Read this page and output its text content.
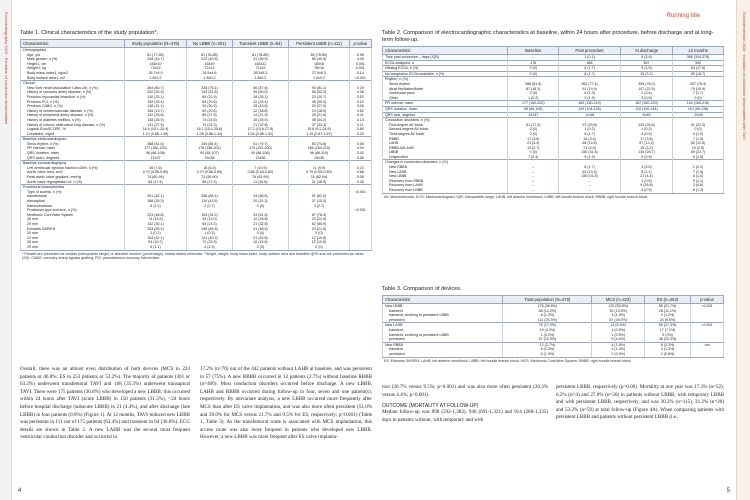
Echocardiography 2019 · Evolution of conduction abnormalities Table 1. Clinical characteristics of the study population*.
Characteristic	Study population (N=476)	No LBBB (n=301)	Transient LBBB (n=84)	Persistent LBBB (n=111)	p-value
Demographics					
Age, yrs	81 (77-85)	81 (76-85)	81 (78-85)	80 (78-85)	0.98
Male gender, n (%)	208 (43.7)	122 (40.5)	31 (35.9)	55 (49.5)	0.09
Height1, cm	165±10	164±9	163±12	160±8	0.001
Weight1, kg	73±15	72±15	71±15	78±16	0.001
Body mass index1, kg/m2	26.7±4.9	26.5±4.8	26.5±5.3	27.5±5.3	0.14
Body surface area1, m2	1.8±0.2	1.8±0.2	1.8±0.2	1.9±0.2	<0.001
Clinical					
New York Heart Association Class ≥III, n (%)	384 (80.7)	238 (79.1)	56 (87.6)	90 (81.1)	0.29
History of coronary artery disease, n (%)	252 (52.9)	153 (51.8)	39 (60.0)	58 (52.3)	0.38
Previous myocardial infarction, n (%)	110 (23.1)	69 (22.9)	18 (28.1)	23 (20.7)	0.53
Previous PCI, n (%)	159 (33.4)	89 (29.6)	22 (34.4)	48 (39.0)	0.19
Previous CABG, n (%)	148 (31.1)	93 (30.9)	28 (43.8)	30 (27.0)	0.06
History of cerebrovascular disease, n (%)	106 (19.7)	62 (20.6)	12 (18.8)	24 (18.0)	0.82
History of peripheral artery disease, n (%)	122 (25.6)	80 (27.9)	14 (21.9)	28 (21.6)	0.31
History of diabetes mellitus, n (%)	128 (26.9)	74 (24.6)	16 (25.0)	38 (34.2)	0.14
History of chronic obstructive lung disease, n (%)	131 (27.5)	73 (24.3)	21 (32.8)	37 (33.3)	0.11
Logistic EuroSCORE, %	16.4 (10.1-25.4)	16.1 (10.1-25.8)	17.2 (10.6-27.8)	15.8 (9.2-24.5)	0.80
Creatinine, mg/dl	1.10 (0.86-1.45)	1.08 (0.88-1.44)	1.04 (0.86-1.32)	1.19 (0.87-1.57)	0.33
Baseline electrocardiogram					
Sinus rhythm, n (%)	388 (81.5)	254 (84.4)	51 (79.7)	83 (74.8)	0.06
PR interval, msec	177 (160-202)	176 (156-202)	170 (152-200)	186 (164-210)	0.04
QRS duration, msec	96 (86-108)	94 (85-107)	95 (86-106)	98 (88-110)	0.42
QRS axis1, degrees	12±37	15±38	13±36	15±35	0.56
Baseline echocardiography					
Left ventricular ejection fraction ≤35%, n (%)	36 (7.6)	18 (6.0)	7 (10.9)	11 (9.9)	0.23
Aortic valve area, cm2	0.70 (0.55-0.80)	0.70 (0.56-0.80)	0.66 (0.53-0.80)	0.70 (0.55-0.80)	0.66
Peak aortic valve gradient, mmHg	74 (60-94)	73 (59-90)	79 (63-99)	76 (62-94)	0.08
Aortic valve regurgitation ≥II, n (%)	83 (17.4)	58 (17.9)	11 (15.6)	21 (18.9)	0.38
Procedural characteristics					
Type of access, n (%)					<0.001
transfemoral	391 (82.1)	256 (85.1)	44 (68.8)	91 (82.0)	
transapical	168 (35.3)	119 (43.5)	20 (31.3)	37 (15.3)	
transsubclavian	5 (1.1)	2 (0.7)	0 (0)	3 (2.7)	
Prosthesis type and size, n (%)					<0.001
Medtronic CoreValve System	223 (46.8)	103 (34.2)	33 (51.6)	87 (78.4)	
26 mm	74 (15.5)	39 (13.0)	12 (18.8)	23 (22.5)	
29 mm	142 (30.1)	64 (21.3)	21 (32.8)	62 (55.9)	
Edwards SAPIEN	253 (53.2)	198 (65.8)	31 (48.4)	24 (21.6)	
20 mm	1 (0.2)	1 (0.3)	0 (0)	0 (0)	
23 mm	153 (32.1)	121 (40.2)	21 (32.8)	12 (10.8)	
26 mm	94 (19.7)	72 (23.9)	10 (15.6)	12 (10.8)	
29 mm	5 (1.1)	4 (1.3)	0 (0)	0 (0)	
* Parallel are presented as median (interquartile range) or absolute number (percentage), unless stated otherwise. ¹Height, weight, body mass index, body surface area and baseline QRS axis are presented as mean (SD). CABG: coronary artery bypass grafting; PCI: percutaneous coronary intervention.
Overall, there was an almost even distribution of both devices (MCS in 223 patients or 46.8%; ES in 253 patients or 53.2%). The majority of patients (301 or 63.2%) underwent transfemoral TAVI and 168 (35.3%) underwent transapical TAVI. There were 175 patients (36.8%) who developed a new LBBB; this occurred within 24 hours after TAVI (acute LBBB) in 150 patients (31.5%), <24 hours before hospital discharge (subacute LBBB) in 21 (4.4%), and after discharge (late LBBB) in four patients (0.8%) (Figure 1). At 12 months, TAVI-induced new LBBB was persistent in 111 out of 175 patients (63.4%) and transient in 64 (36.6%). ECG details are shown in Table 2. A new LAHB was the second most frequent ventricular conduction disorder and occurred in
17.2% (n=76) out of the 442 patients without LAHB at baseline, and was persistent in 57 (75%). A new RBBB occurred in 12 patients (2.7%) without baseline RBBB (n=466). Most conduction disorders occurred before discharge. A new LBBB, LAHB and RBBB occurred during follow-up in four, seven and one patient(s), respectively. By univariate analysis, a new LBBB occurred more frequently after MCS than after ES valve implantation, and was also more often persistent (51.0% and 39.0% for MCS versus 21.7% and 9.5% for ES, respectively; p<0.001) (Table 1, Table 3). As the transfemoral route is associated with MCS implantation, this access route was also more frequent in patients who developed new LBBB. However, a new LBBB was more frequent after ES valve implanta-
4
Running title
Table 2. Comparison of electrocardiographic characteristics at baseline, within 24 hours after procedure, before discharge and at long-term follow-up.
Characteristic	Baseline	Post procedure	At discharge	12 months
Time post procedure – days (IQR)	–	1 (0-1)	4 (3-6)	366 (304-378)
ECGs analysed, n	476	468	467	392
Missing ECGs, n (%)	0 (0)	8 (1.7)	9 (1.9)	84 (17.6)
No congestion ECGs available, n (%)	0 (0)	8 (1.7)	15 (3.2)	89 (18.7)
Rhythm, n (%)				
Sinus rhythm	388 (81.5)	362 (77.4)	355 (76.0)	307 (78.3)
Atrial fibrillation/flutter	87 (18.3)	91 (19.4)	107 (22.9)	79 (19.9)
Ventricular pace	0 (0)	6 (1.3)	2 (0.4)	7 (1.7)
Other	1 (0.2)	9 (1.9)	3 (0.6)	0 (0)
PR interval, msec	177 (160-202)	182 (160-210)	187 (160-220)	184 (160-210)
QRS duration, msec	96 (86-108)	129 (104-145)	115 (100-144)	110 (95-136)
QRS axis, degrees	12±37	-2±48	6±45	-2±45
Conduction disorders, n (%)				
First-degree AV block	81 (17.0)	97 (20.8)	120 (25.8)	91 (23.3)
Second-degree AV block	0 (0)	1 (0.2)	1 (0.2)	0 (0)
Third-degree AV block	0 (0)	8 (1.7)	4 (0.9)	4 (1.0)
RBBB	17 (3.6)	16 (3.4)	17 (3.6)	7 (1.5)
LAHB	21 (4.4)	68 (14.5)	57 (12.2)	50 (12.8)
RBBB-W/LAHB	13 (2.7)	21 (4.5)	15 (3.2)	10 (2.6)
LBBB	0 (0)	150 (31.5)	134 (28.7)	89 (22.7)
Unspecified	7 (0.4)	9 (1.9)	4 (0.9)	6 (1.5)
Changes in conduction disorders, n (%)				
New RBBB	–	8 (1.7)	3 (0.6)	1 (0.2)
New LAHB	–	64 (13.4)	5 (1.1)	7 (1.5)
New LBBB	–	150 (31.5)	21 (4.4)	4 (1.0)
Recovery from RBBB	–	–	1 (0.6)	5 (1.1)
Recovery from LAHB	–	–	9 (18.8)	3 (0.6)
Recovery from LBBB	–	–	4 (0.9)	6 (1.3)
AV: atrioventricular; ECG: electrocardiogram; IQR: interquartile range; LAHB: left anterior hemiblock; LBBB: left bundle branch block; RBBB: right bundle branch block
Table 3. Comparison of devices.
Characteristic	Total population (N=476)	MCS (n=223)	ES (n=253)	p-value
New LBBB	175 (36.8%)	120 (53.8%)	55 (21.7%)	<0.001
transient	58 (12.2%)	30 (13.5%)	28 (11.1%)	
transient, evolving to persistent LBBB	6 (1.3%)	3 (1.3%)	3 (1.2%)	
persistent	111 (23.3%)	87 (39.0%)	24 (9.5%)	
New LAHB	76 (17.2%)	11 (5.3%)	65 (27.3%)	<0.001
transient	19 (4.3%)	1 (0.5%)	17 (7.2%)	
transient, evolving to persistent LBBB	1 (0.2%)	1 (0.5%)	0 (0%)	
persistent	57 (12.9%)	9 (4.4%)	48 (20.3%)	
New RBBB	12 (2.7%)	4 (1.8%)	8 (3.3%)	n/a
transient	6 (1.3%)	3 (1.4%)	3 (1.3%)	
persistent	6 (1.3%)	2 (0.9%)	2 (0.8%)	
ES: Edwards SAPIEN; LAHB: left anterior hemiblock; LBBB: left bundle branch block; MCS: Medtronic CoreValve System; RBBB: right bundle branch block
tion (20.7% versus 9.5%; p<0.001) and was also more often persistent (20.3% versus 4.4%; p<0.001).
OUTCOME (MORTALITY AT FOLLOW-UP)
Median follow-up was 898 (592-1,383), 946 (691-1,321) and 914 (288-1,335) days in patients without, with temporary and with
persistent LBBB, respectively (p=0.08). Mortality at one year was 17.3% (n=52), 6.2% (n=4) and 27.0% (n=30) in patients without LBBB, with temporary LBBB and with persistent LBBB, respectively, and was 30.2% (n=115), 31.2% (n=20) and 53.2% (n=59) at total follow-up (Figure 4A). When comparing patients with persistent LBBB and patients without persistent LBBB (i.e.,
5
EuroIntervention 2019 · Evolution of conduction abnormalities after TAVI
